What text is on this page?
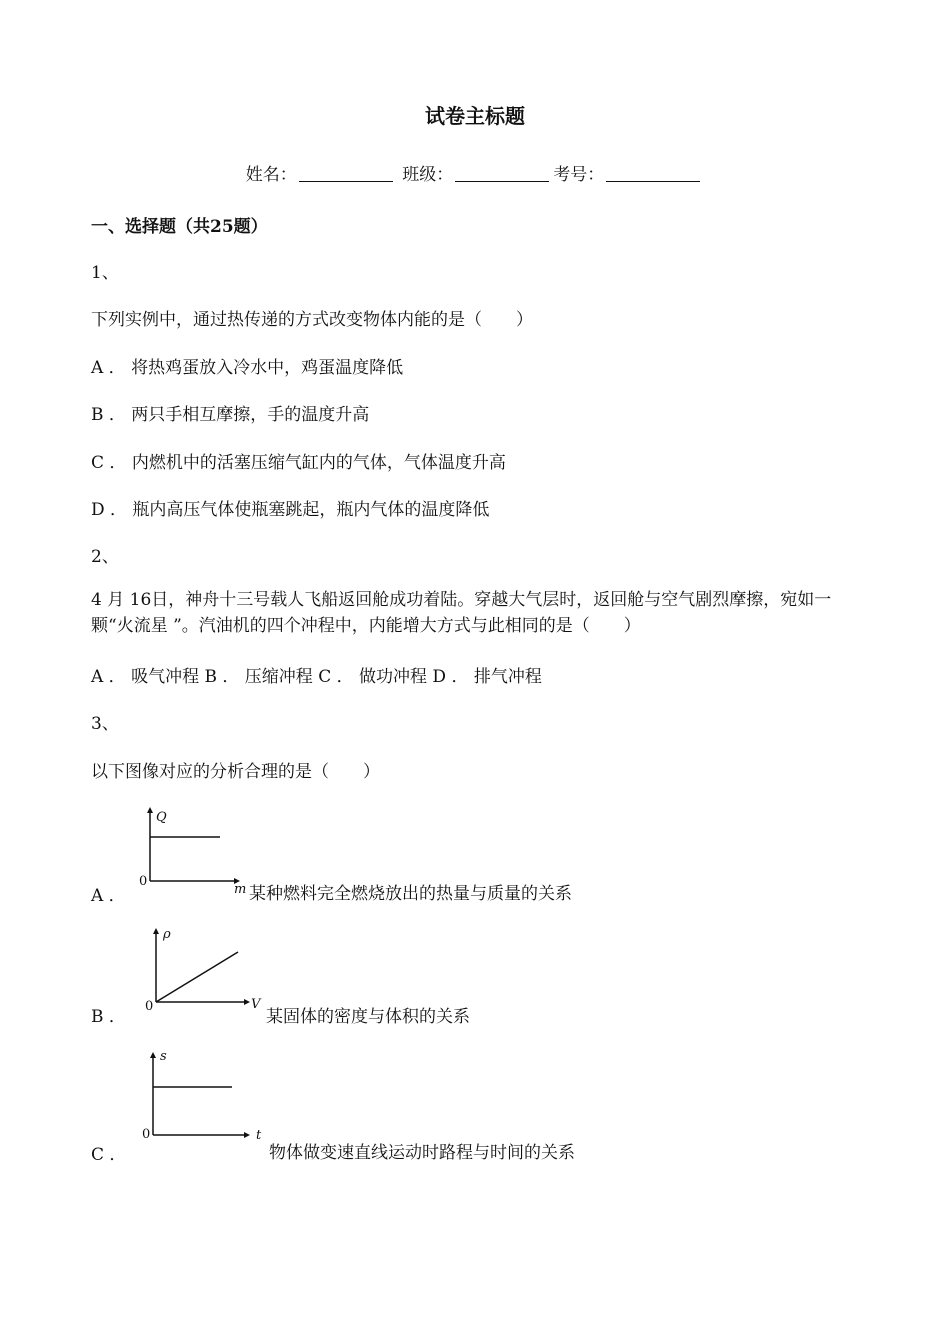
试卷主标题
姓名：	班级：	考号：
一、选择题（共25题）
1、
下列实例中，通过热传递的方式改变物体内能的是（　　）
A ． 将热鸡蛋放入冷水中，鸡蛋温度降低
B ． 两只手相互摩擦，手的温度升高
C ． 内燃机中的活塞压缩气缸内的气体，气体温度升高
D ． 瓶内高压气体使瓶塞跳起，瓶内气体的温度降低
2、
4 月 16日，神舟十三号载人飞船返回舱成功着陆。穿越大气层时，返回舱与空气剧烈摩擦，宛如一颗“火流星 ”。汽油机的四个冲程中，内能增大方式与此相同的是（　　）
A ． 吸气冲程 B ． 压缩冲程 C ． 做功冲程 D ． 排气冲程
3、
以下图像对应的分析合理的是（　　）
A ．
Q
m
0
某种燃料完全燃烧放出的热量与质量的关系
B ．
ρ
V
0
某固体的密度与体积的关系
C ．
s
t
0
物体做变速直线运动时路程与时间的关系
